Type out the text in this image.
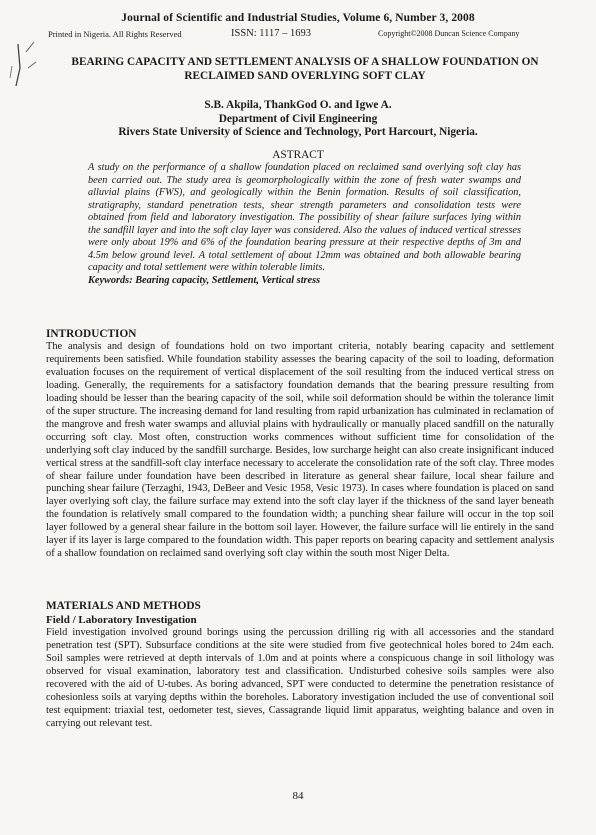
Journal of Scientific and Industrial Studies, Volume 6, Number 3, 2008
Printed in Nigeria. All Rights Reserved	ISSN: 1117 – 1693	Copyright©2008 Duncan Science Company
BEARING CAPACITY AND SETTLEMENT ANALYSIS OF A SHALLOW FOUNDATION ON RECLAIMED SAND OVERLYING SOFT CLAY
S.B. Akpila, ThankGod O. and Igwe A.
Department of Civil Engineering
Rivers State University of Science and Technology, Port Harcourt, Nigeria.
ASTRACT
A study on the performance of a shallow foundation placed on reclaimed sand overlying soft clay has been carried out. The study area is geomorphologically within the zone of fresh water swamps and alluvial plains (FWS), and geologically within the Benin formation. Results of soil classification, stratigraphy, standard penetration tests, shear strength parameters and consolidation tests were obtained from field and laboratory investigation. The possibility of shear failure surfaces lying within the sandfill layer and into the soft clay layer was considered. Also the values of induced vertical stresses were only about 19% and 6% of the foundation bearing pressure at their respective depths of 3m and 4.5m below ground level. A total settlement of about 12mm was obtained and both allowable bearing capacity and total settlement were within tolerable limits.
Keywords: Bearing capacity, Settlement, Vertical stress
INTRODUCTION
The analysis and design of foundations hold on two important criteria, notably bearing capacity and settlement requirements been satisfied. While foundation stability assesses the bearing capacity of the soil to loading, deformation evaluation focuses on the requirement of vertical displacement of the soil resulting from the induced vertical stress on loading. Generally, the requirements for a satisfactory foundation demands that the bearing pressure resulting from loading should be lesser than the bearing capacity of the soil, while soil deformation should be within the tolerance limit of the super structure. The increasing demand for land resulting from rapid urbanization has culminated in reclamation of the mangrove and fresh water swamps and alluvial plains with hydraulically or manually placed sandfill on the naturally occurring soft clay. Most often, construction works commences without sufficient time for consolidation of the underlying soft clay induced by the sandfill surcharge. Besides, low surcharge height can also create insignificant induced vertical stress at the sandfill-soft clay interface necessary to accelerate the consolidation rate of the soft clay. Three modes of shear failure under foundation have been described in literature as general shear failure, local shear failure and punching shear failure (Terzaghi, 1943, DeBeer and Vesic 1958, Vesic 1973). In cases where foundation is placed on sand layer overlying soft clay, the failure surface may extend into the soft clay layer if the thickness of the sand layer beneath the foundation is relatively small compared to the foundation width; a punching shear failure will occur in the top soil layer followed by a general shear failure in the bottom soil layer. However, the failure surface will lie entirely in the sand layer if its layer is large compared to the foundation width. This paper reports on bearing capacity and settlement analysis of a shallow foundation on reclaimed sand overlying soft clay within the south most Niger Delta.
MATERIALS AND METHODS
Field / Laboratory Investigation
Field investigation involved ground borings using the percussion drilling rig with all accessories and the standard penetration test (SPT). Subsurface conditions at the site were studied from five geotechnical holes bored to 24m each. Soil samples were retrieved at depth intervals of 1.0m and at points where a conspicuous change in soil lithology was observed for visual examination, laboratory test and classification. Undisturbed cohesive soils samples were also recovered with the aid of U-tubes. As boring advanced, SPT were conducted to determine the penetration resistance of cohesionless soils at varying depths within the boreholes. Laboratory investigation included the use of conventional soil test equipment: triaxial test, oedometer test, sieves, Cassagrande liquid limit apparatus, weighting balance and oven in carrying out relevant test.
84
